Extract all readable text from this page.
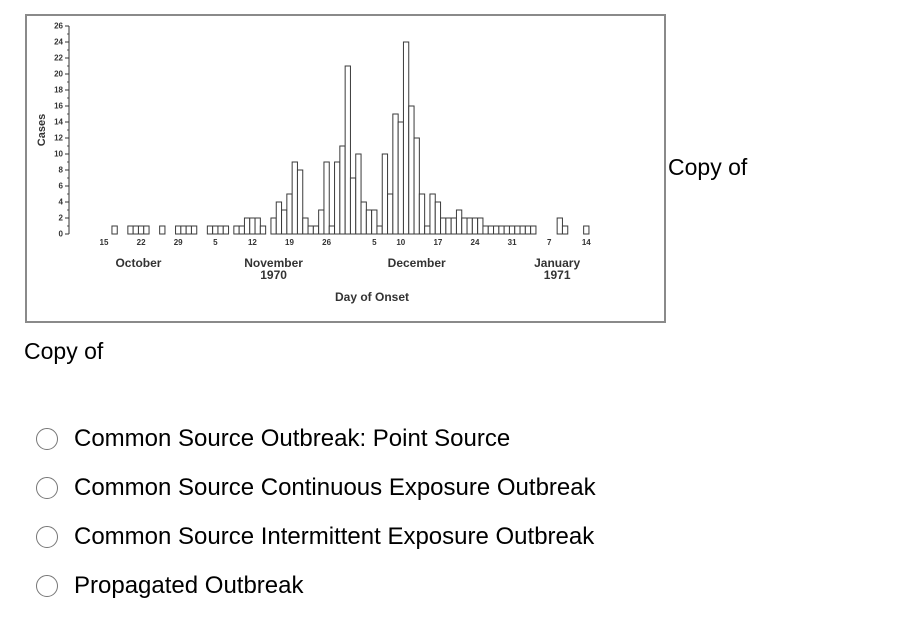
0
2
4
6
8
10
12
14
16
18
20
22
24
26
Cases
15	22	29	5	12	19	26	5 10	17	24	31	7	14
October	November
1970
December	January
1971
Day of Onset
Copy of
Copy of
Common Source Outbreak: Point Source
Common Source Continuous Exposure Outbreak
Common Source Intermittent Exposure Outbreak
Propagated Outbreak
